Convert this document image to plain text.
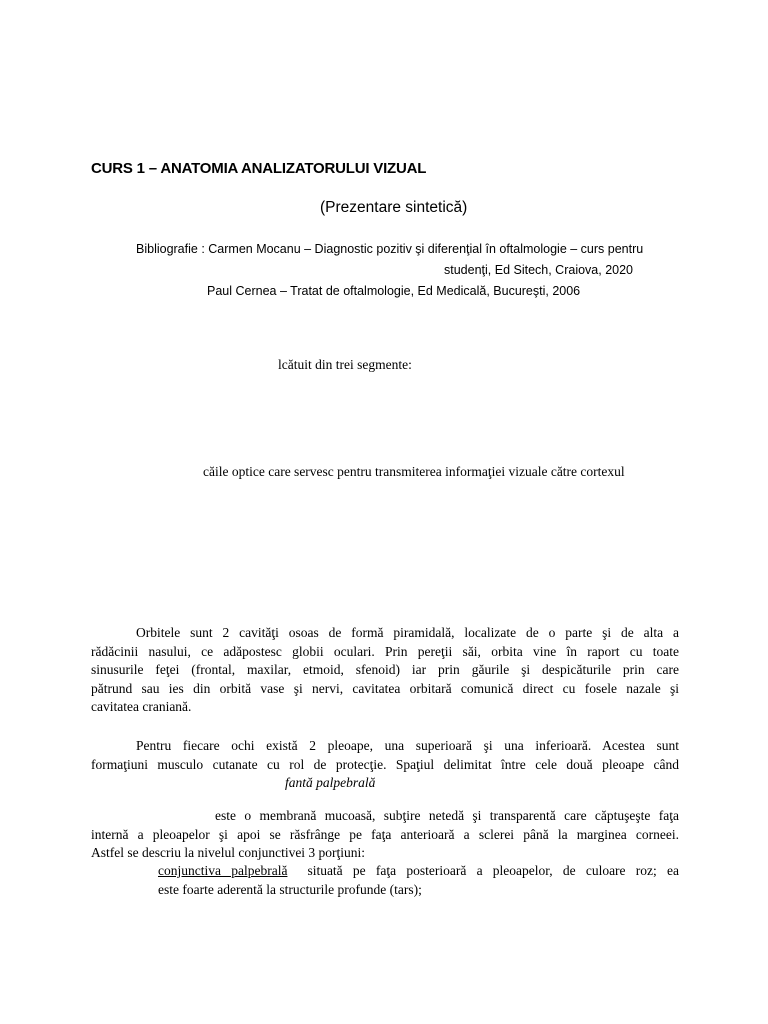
CURS 1 – ANATOMIA ANALIZATORULUI VIZUAL
(Prezentare sintetică)
Bibliografie : Carmen Mocanu – Diagnostic pozitiv şi diferenţial în oftalmologie – curs pentru
studenţi, Ed Sitech, Craiova, 2020
Paul Cernea – Tratat de oftalmologie, Ed Medicală, Bucureşti, 2006
lcătuit din trei segmente:
căile optice care servesc pentru transmiterea informaţiei vizuale către cortexul
Orbitele sunt 2 cavităţi osoas de formă piramidală, localizate de o parte şi de alta a
rădăcinii nasului, ce adăpostesc globii oculari. Prin pereţii săi, orbita vine în raport cu toate
sinusurile feţei (frontal, maxilar, etmoid, sfenoid) iar prin găurile şi despicăturile prin care
pătrund sau ies din orbită vase şi nervi, cavitatea orbitară comunică direct cu fosele nazale şi
cavitatea craniană.
Pentru fiecare ochi există 2 pleoape, una superioară şi una inferioară. Acestea sunt
formaţiuni musculo cutanate cu rol de protecţie. Spaţiul delimitat între cele două pleoape când
fantă palpebrală
este o membrană mucoasă, subţire netedă şi transparentă care căptuşeşte faţa
internă a pleoapelor şi apoi se răsfrânge pe faţa anterioară a sclerei până la marginea corneei.
Astfel se descriu la nivelul conjunctivei 3 porţiuni:
conjunctiva palpebrală situată pe faţa posterioară a pleoapelor, de culoare roz; ea
este foarte aderentă la structurile profunde (tars);
